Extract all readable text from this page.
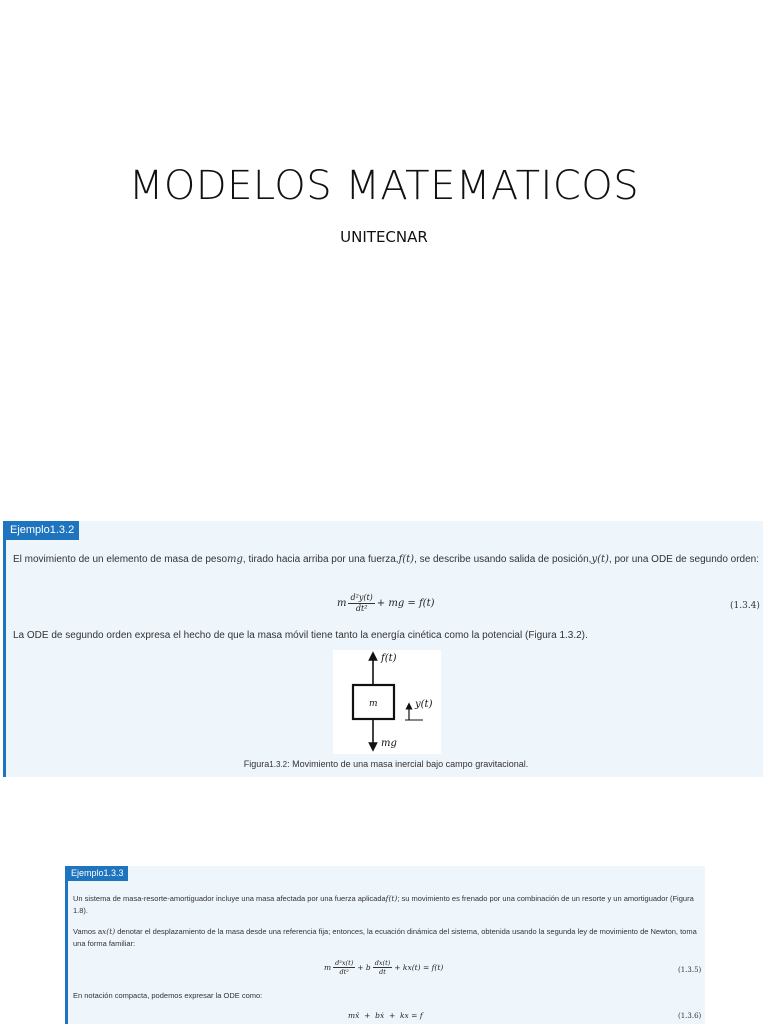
MODELOS MATEMATICOS
UNITECNAR
Ejemplo1.3.2
El movimiento de un elemento de masa de pesomg, tirado hacia arriba por una fuerza,f(t), se describe usando salida de posición,y(t), por una ODE de segundo orden:
m $\frac{\text{d²y(t)}}{\text{dt²}}$ + mg = f(t)	(1.3.4)
La ODE de segundo orden expresa el hecho de que la masa móvil tiene tanto la energía cinética como la potencial (Figura 1.3.2).
f(t)
m	y(t)
mg
Figura1.3.2: Movimiento de una masa inercial bajo campo gravitacional.
Ejemplo1.3.3
Un sistema de masa-resorte-amortiguador incluye una masa afectada por una fuerza aplicadaf(t); su movimiento es frenado por una combinación de un resorte y un amortiguador (Figura 1.8).
Vamos ax(t) denotar el desplazamiento de la masa desde una referencia fija; entonces, la ecuación dinámica del sistema, obtenida usando la segunda ley de movimiento de Newton, toma una forma familiar:
m $\frac{\text{d²x(t)}}{\text{dt²}} + b \frac{dx(t)}{dt} + kx(t) = f(t)$	(1.3.5)
En notación compacta, podemos expresar la ODE como:
mẍ  +  bẋ  +  kx = f	(1.3.6)
